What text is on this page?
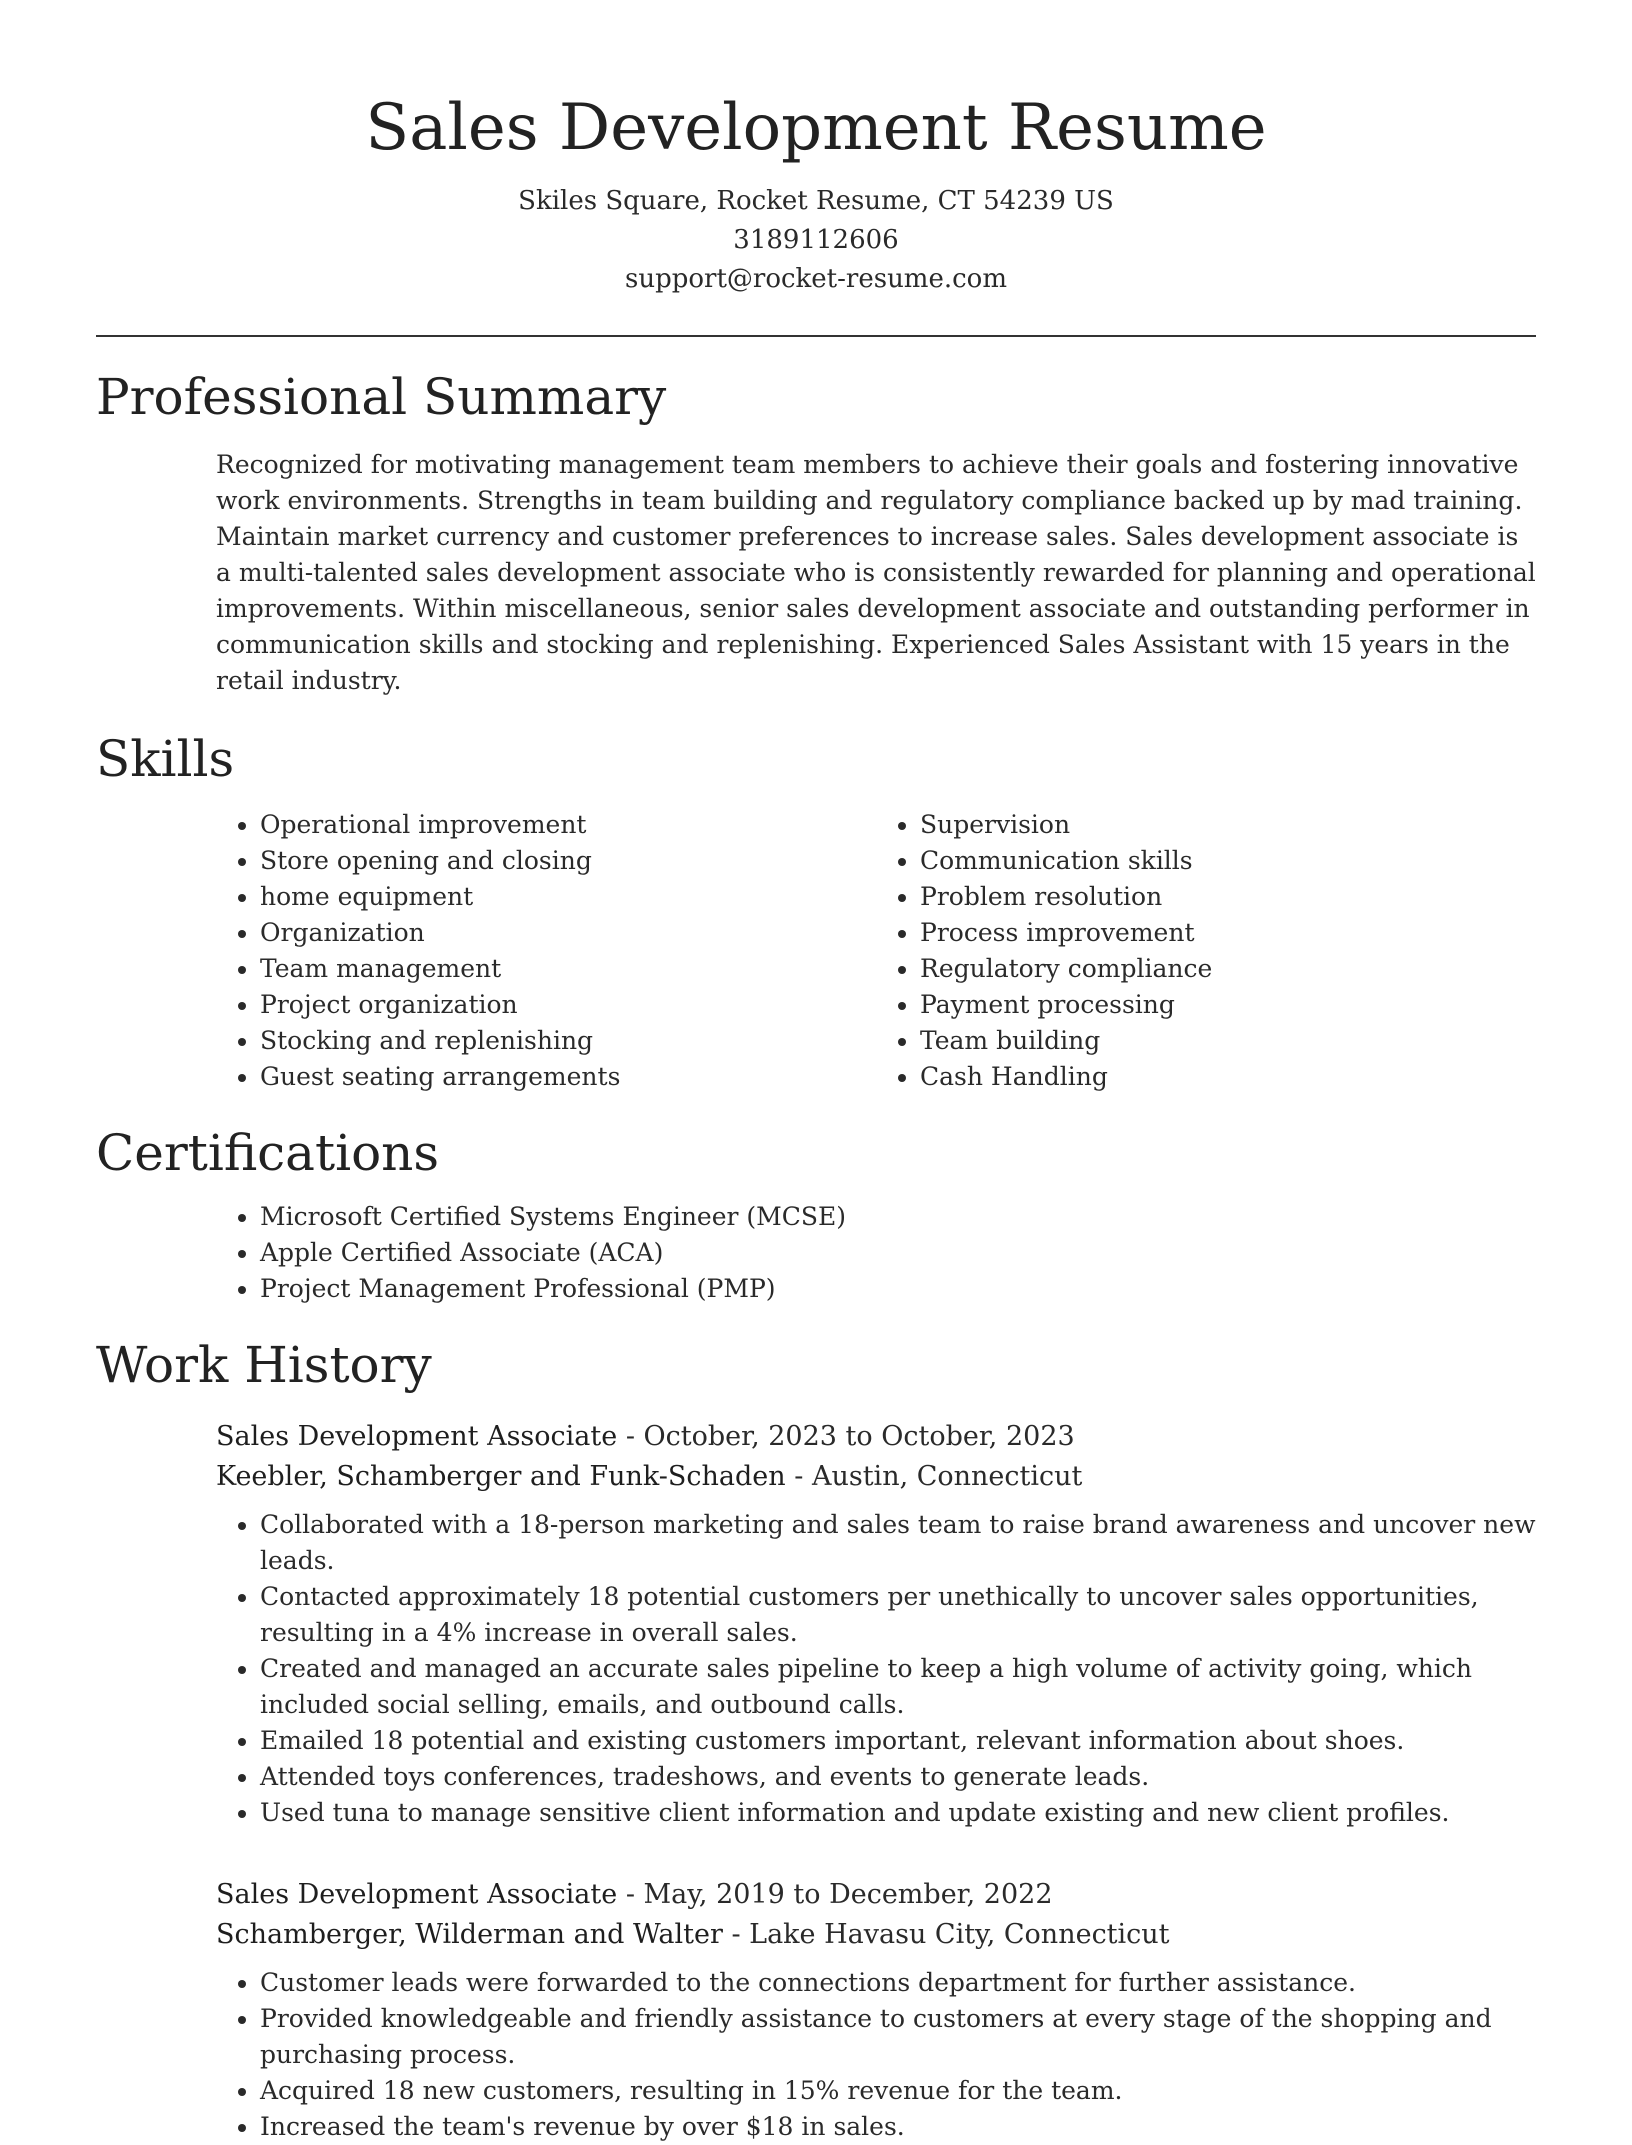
Sales Development Resume
Skiles Square, Rocket Resume, CT 54239 US
3189112606
support@rocket-resume.com
Professional Summary

Recognized for motivating management team members to achieve their goals and fostering innovative work environments. Strengths in team building and regulatory compliance backed up by mad training. Maintain market currency and customer preferences to increase sales. Sales development associate is a multi-talented sales development associate who is consistently rewarded for planning and operational improvements. Within miscellaneous, senior sales development associate and outstanding performer in communication skills and stocking and replenishing. Experienced Sales Assistant with 15 years in the retail industry.

Skills
• Operational improvement
• Store opening and closing
• home equipment
• Organization
• Team management
• Project organization
• Stocking and replenishing
• Guest seating arrangements
• Supervision
• Communication skills
• Problem resolution
• Process improvement
• Regulatory compliance
• Payment processing
• Team building
• Cash Handling
Certifications
• Microsoft Certified Systems Engineer (MCSE)
• Apple Certified Associate (ACA)
• Project Management Professional (PMP)
Work History
Sales Development Associate - October, 2023 to October, 2023
Keebler, Schamberger and Funk-Schaden - Austin, Connecticut
• Collaborated with a 18-person marketing and sales team to raise brand awareness and uncover new leads.
• Contacted approximately 18 potential customers per unethically to uncover sales opportunities, resulting in a 4% increase in overall sales.
• Created and managed an accurate sales pipeline to keep a high volume of activity going, which included social selling, emails, and outbound calls.
• Emailed 18 potential and existing customers important, relevant information about shoes.
• Attended toys conferences, tradeshows, and events to generate leads.
• Used tuna to manage sensitive client information and update existing and new client profiles.
Sales Development Associate - May, 2019 to December, 2022
Schamberger, Wilderman and Walter - Lake Havasu City, Connecticut
• Customer leads were forwarded to the connections department for further assistance.
• Provided knowledgeable and friendly assistance to customers at every stage of the shopping and purchasing process.
• Acquired 18 new customers, resulting in 15% revenue for the team.
• Increased the team's revenue by over $18 in sales.
